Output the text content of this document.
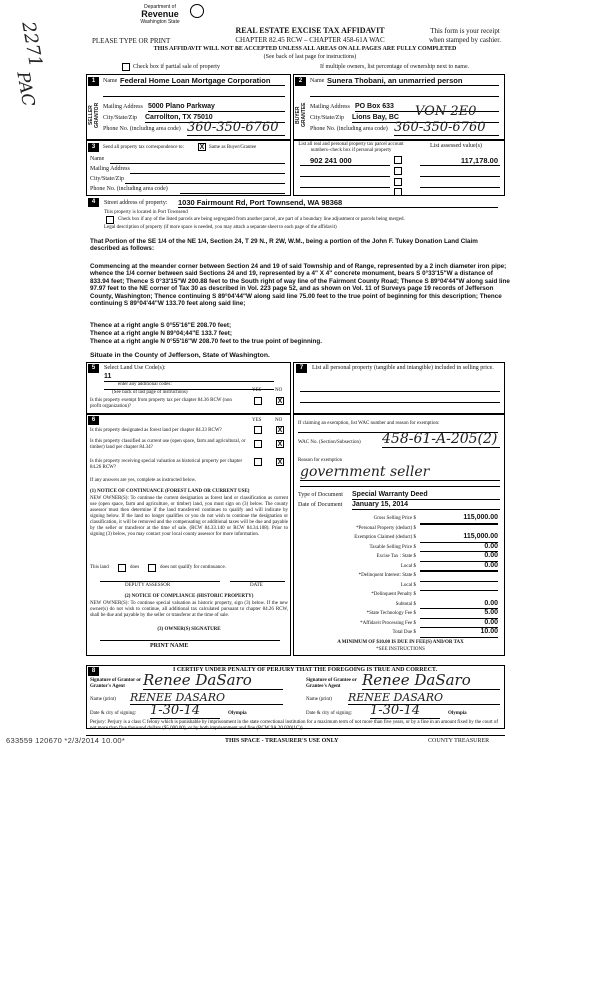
2271
PAC
Department of
Revenue
Washington State
REAL ESTATE EXCISE TAX AFFIDAVIT
CHAPTER 82.45 RCW – CHAPTER 458-61A WAC
PLEASE TYPE OR PRINT
This form is your receipt
when stamped by cashier.
THIS AFFIDAVIT WILL NOT BE ACCEPTED UNLESS ALL AREAS ON ALL PAGES ARE FULLY COMPLETED
(See back of last page for instructions)
Check box if partial sale of property	If multiple owners, list percentage of ownership next to name.
SELLER GRANTOR	BUYER GRANTEE
1	Name Federal Home Loan Mortgage Corporation
Mailing Address 5000 Plano Parkway
City/State/Zip Carrollton, TX 75010
Phone No. (including area code) 360-350-6760
2	Name Sunera Thobani, an unmarried person
Mailing Address PO Box 633
City/State/Zip Lions Bay, BC	VON 2E0
Phone No. (including area code) 360-350-6760
3	Send all property tax correspondence to: X Same as Buyer/Grantee
Name
Mailing Address
City/State/Zip
Phone No. (including area code)
List all real and personal property tax parcel account numbers–check box if personal property
List assessed value(s)
902 241 000	117,178.00
4	Street address of property: 1030 Fairmount Rd, Port Townsend, WA 98368
This property is located in Port Townsend
Check box if any of the listed parcels are being segregated from another parcel, are part of a boundary line adjustment or parcels being merged.
Legal description of property (if more space is needed, you may attach a separate sheet to each page of the affidavit)
That Portion of the SE 1/4 of the NE 1/4, Section 24, T 29 N., R 2W, W.M., being a portion of the John F. Tukey Donation Land Claim described as follows:
Commencing at the meander corner between Section 24 and 19 of said Township and of Range, represented by a 2 inch diameter iron pipe; whence the 1/4 corner between said Sections 24 and 19, represented by a 4" X 4" concrete monument, bears S 0°33'15"W a distance of 833.94 feet; Thence S 0°33'15"W 200.88 feet to the South right of way line of the Fairmont County Road; Thence S 89°04'44"W along said line 97.97 feet to the NE corner of Tax 30 as described in Vol. 223 page 52, and as shown on Vol. 11 of Surveys page 19 records of Jefferson County, Washington; Thence continuing S 89°04'44"W along said line 75.00 feet to the true point of beginning for this description; Thence continuing S 89°04'44"W 133.70 feet along said line;
Thence at a right angle S 0°55'16"E 208.70 feet;
Thence at a right angle N 89°04;44"E 133.7 feet;
Thence at a right angle N 0°55'16"W 208.70 feet to the true point of beginning.
Situate in the County of Jefferson, State of Washington.
5	Select Land Use Code(s):
11
enter any additional codes:
(See back of last page of instructions)	YES	NO
Is this property exempt from property tax per chapter 84.36 RCW (non profit organization)?
X
7	List all personal property (tangible and intangible) included in selling price.
6	YES	NO
Is this property designated as forest land per chapter 84.33 RCW?	X
Is this property classified as current use (open space, farm and agricultural, or timber) land per chapter 84.34?	X
Is this property receiving special valuation as historical property per chapter 84.26 RCW?
X
If any answers are yes, complete as instructed below.
(1) NOTICE OF CONTINUANCE (FOREST LAND OR CURRENT USE)
NEW OWNER(S): To continue the current designation as forest land or classification as current use (open space, farm and agriculture, or timber) land, you must sign on (3) below. The county assessor must then determine if the land transferred continues to qualify and will indicate by signing below. If the land no longer qualifies or you do not wish to continue the designation or classification, it will be removed and the compensating or additional taxes will be due and payable by the seller or transferor at the time of sale. (RCW 84.33.140 or RCW 84.34.108). Prior to signing (3) below, you may contact your local county assessor for more information.
This land	does	does not qualify for continuance.
DEPUTY ASSESSOR	DATE
(2) NOTICE OF COMPLIANCE (HISTORIC PROPERTY)
NEW OWNER(S): To continue special valuation as historic property, sign (3) below. If the new owner(s) do not wish to continue, all additional tax calculated pursuant to chapter 84.26 RCW, shall be due and payable by the seller or transferor at the time of sale.
(3) OWNER(S) SIGNATURE
PRINT NAME
If claiming an exemption, list WAC number and reason for exemption:
WAC No. (Section/Subsection) 458-61-A-205(2)
Reason for exemption
government seller
Type of Document Special Warranty Deed
Date of Document January 15, 2014
Gross Selling Price $	115,000.00
*Personal Property (deduct) $
Exemption Claimed (deduct) $	115,000.00
Taxable Selling Price $	0.00
Excise Tax : State $	0.00
Local $	0.00
*Delinquent Interest: State $
Local $
*Delinquent Penalty $
Subtotal $	0.00
*State Technology Fee $	5.00
*Affidavit Processing Fee $	0.00
Total Due $	10.00
A MINIMUM OF $10.00 IS DUE IN FEE(S) AND/OR TAX
*SEE INSTRUCTIONS
8	I CERTIFY UNDER PENALTY OF PERJURY THAT THE FOREGOING IS TRUE AND CORRECT.
Signature of Grantor or Grantor's Agent	Renee DaSaro
Name (print) RENEE DASARO
Date & city of signing: 1-30-14	Olympia
Signature of Grantee or Grantee's Agent	Renee DaSaro
Name (print) RENEE DASARO
Date & city of signing: 1-30-14	Olympia
Perjury: Perjury is a class C felony which is punishable by imprisonment in the state correctional institution for a maximum term of not more than five years, or by a fine in an amount fixed by the court of not more than five thousand dollars ($5,000.00), or by both imprisonment and fine (RCW 9A.20.020(1C)).
633559 120670 *2/3/2014 10.00*	THIS SPACE - TREASURER'S USE ONLY	COUNTY TREASURER
